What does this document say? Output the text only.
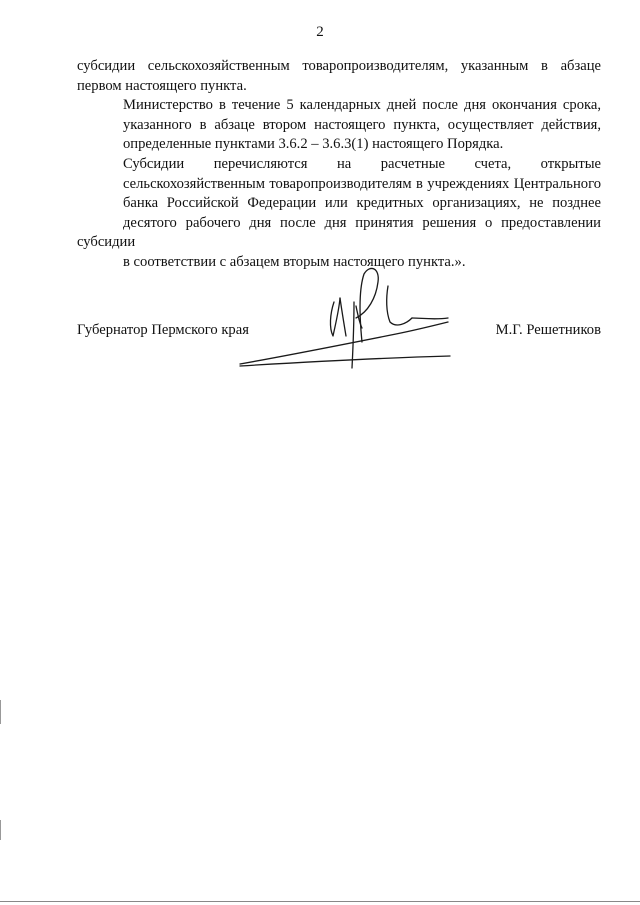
2

субсидии сельскохозяйственным товаропроизводителям, указанным в абзаце
первом настоящего пункта.

Министерство в течение 5 календарных дней после дня окончания срока,
указанного в абзаце втором настоящего пункта, осуществляет действия,
определенные пунктами 3.6.2 – 3.6.3(1) настоящего Порядка.

Субсидии перечисляются на расчетные счета, открытые
сельскохозяйственным товаропроизводителям в учреждениях Центрального
банка Российской Федерации или кредитных организациях, не позднее
десятого рабочего дня после дня принятия решения о предоставлении субсидии
в соответствии с абзацем вторым настоящего пункта.».

Губернатор Пермского края	М.Г. Решетников
